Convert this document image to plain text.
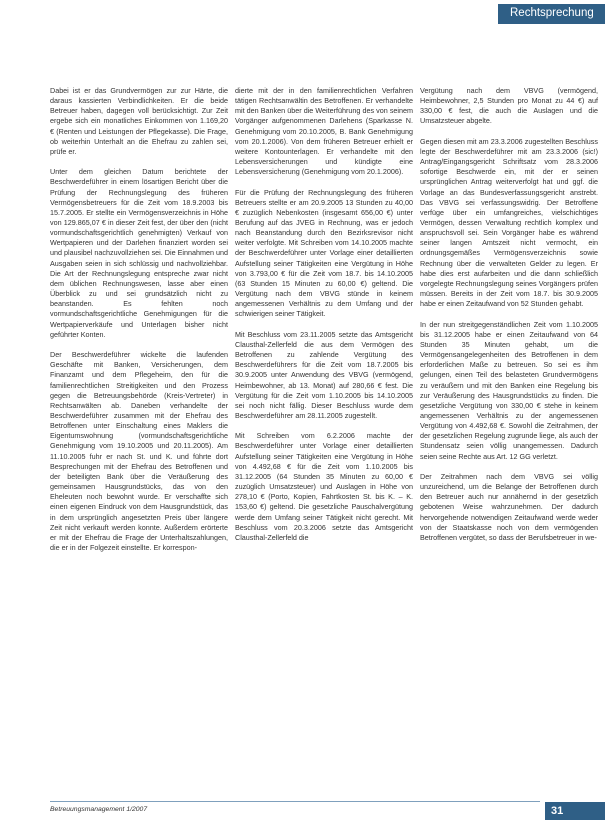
Rechtsprechung

Dabei ist er das Grundvermögen zur zur Härte, die daraus kassierten Verbindlichkeiten. Er die beide Betreuer haben, dagegen voll berücksichtigt. Zur Zeit ergebe sich ein monatliches Einkommen von 1.169,20 € (Renten und Leistungen der Pflegekasse). Die Frage, ob weiterhin Unterhalt an die Ehefrau zu zahlen sei, prüfe er.

Unter dem gleichen Datum berichtete der Beschwerdeführer in einem lösartigen Bericht über die Prüfung der Rechnungslegung des früheren Vermögensbetreuers für die Zeit vom 18.9.2003 bis 15.7.2005. Er stellte ein Vermögensverzeichnis in Höhe von 129.865,07 € in dieser Zeit fest, der über den (nicht vormundschaftsgerichtlich genehmigten) Verkauf von Wertpapieren und der Darlehen finanziert worden sei und plausibel nachzuvollziehen sei. Die Einnahmen und Ausgaben seien in sich schlüssig und nachvollziehbar. Die Art der Rechnungslegung entspreche zwar nicht dem üblichen Rechnungswesen, lasse aber einen Überblick zu und sei grundsätzlich nicht zu beanstanden. Es fehlten noch vormundschaftsgerichtliche Genehmigungen für die Wertpapierverkäufe und Unterlagen bisher nicht geführter Konten.

Der Beschwerdeführer wickelte die laufenden Geschäfte mit Banken, Versicherungen, dem Finanzamt und dem Pflegeheim, den für die familienrechtlichen Streitigkeiten und den Prozess gegen die Betreuungsbehörde (Kreis-Vertreter) in Rechtsanwälten ab. Daneben verhandelte der Beschwerdeführer zusammen mit der Ehefrau des Betroffenen unter Einschaltung eines Maklers die Eigentumswohnung (vormundschaftsgerichtliche Genehmigung vom 19.10.2005 und 20.11.2005). Am 11.10.2005 fuhr er nach St. und K. und führte dort Besprechungen mit der Ehefrau des Betroffenen und der beteiligten Bank über die Veräußerung des gemeinsamen Hausgrundstücks, das von den Eheleuten noch bewohnt wurde. Er verschaffte sich einen eigenen Eindruck von dem Hausgrundstück, das in dem ursprünglich angesetzten Preis über längere Zeit nicht verkauft werden konnte. Außerdem erörterte er mit der Ehefrau die Frage der Unterhaltszahlungen, die er in der Folgezeit einstellte. Er korrespon-

dierte mit der in den familienrechtlichen Verfahren tätigen Rechtsanwältin des Betroffenen. Er verhandelte mit den Banken über die Weiterführung des von seinem Vorgänger aufgenommenen Darlehens (Sparkasse N. Genehmigung vom 20.10.2005, B. Bank Genehmigung vom 20.1.2006). Von dem früheren Betreuer erhielt er weitere Kontounterlagen. Er verhandelte mit den Lebensversicherungen und kündigte eine Lebensversicherung (Genehmigung vom 20.1.2006).

Für die Prüfung der Rechnungslegung des früheren Betreuers stellte er am 20.9.2005 13 Stunden zu 40,00 € zuzüglich Nebenkosten (insgesamt 656,00 €) unter Berufung auf das JVEG in Rechnung, was er jedoch nach Beanstandung durch den Bezirksrevisor nicht weiter verfolgte. Mit Schreiben vom 14.10.2005 machte der Beschwerdeführer unter Vorlage einer detaillierten Aufstellung seiner Tätigkeiten eine Vergütung in Höhe von 3.793,00 € für die Zeit vom 18.7. bis 14.10.2005 (63 Stunden 15 Minuten zu 60,00 €) geltend. Die Vergütung nach dem VBVG stünde in keinem angemessenen Verhältnis zu dem Umfang und der schwierigen seiner Tätigkeit.

Mit Beschluss vom 23.11.2005 setzte das Amtsgericht Clausthal-Zellerfeld die aus dem Vermögen des Betroffenen zu zahlende Vergütung des Beschwerdeführers für die Zeit vom 18.7.2005 bis 30.9.2005 unter Anwendung des VBVG (vermögend, Heimbewohner, ab 13. Monat) auf 280,66 € fest. Die Vergütung für die Zeit vom 1.10.2005 bis 14.10.2005 sei noch nicht fällig. Dieser Beschluss wurde dem Beschwerdeführer am 28.11.2005 zugestellt.

Mit Schreiben vom 6.2.2006 machte der Beschwerdeführer unter Vorlage einer detaillierten Aufstellung seiner Tätigkeiten eine Vergütung in Höhe von 4.492,68 € für die Zeit vom 1.10.2005 bis 31.12.2005 (64 Stunden 35 Minuten zu 60,00 € zuzüglich Umsatzsteuer) und Auslagen in Höhe von 278,10 € (Porto, Kopien, Fahrtkosten St. bis K. – K. 153,60 €) geltend. Die gesetzliche Pauschalvergütung werde dem Umfang seiner Tätigkeit nicht gerecht. Mit Beschluss vom 20.3.2006 setzte das Amtsgericht Clausthal-Zellerfeld die

Vergütung nach dem VBVG (vermögend, Heimbewohner, 2,5 Stunden pro Monat zu 44 €) auf 330,00 € fest, die auch die Auslagen und die Umsatzsteuer abgelte.

Gegen diesen mit am 23.3.2006 zugestellten Beschluss legte der Beschwerdeführer mit am 23.3.2006 (sic!) Antrag/Eingangsgericht Schriftsatz vom 28.3.2006 sofortige Beschwerde ein, mit der er seinen ursprünglichen Antrag weiterverfolgt hat und ggf. die Vorlage an das Bundesverfassungsgericht anstrebt. Das VBVG sei verfassungswidrig. Der Betroffene verfüge über ein umfangreiches, vielschichtiges Vermögen, dessen Verwaltung rechtlich komplex und anspruchsvoll sei. Sein Vorgänger habe es während seiner langen Amtszeit nicht vermocht, ein ordnungsgemäßes Vermögensverzeichnis sowie Rechnung über die verwalteten Gelder zu legen. Er habe dies erst aufarbeiten und die dann schließlich vorgelegte Rechnungslegung seines Vorgängers prüfen müssen. Bereits in der Zeit vom 18.7. bis 30.9.2005 habe er einen Zeitaufwand von 52 Stunden gehabt.

In der nun streitgegenständlichen Zeit vom 1.10.2005 bis 31.12.2005 habe er einen Zeitaufwand von 64 Stunden 35 Minuten gehabt, um die Vermögensangelegenheiten des Betroffenen in dem erforderlichen Maße zu betreuen. So sei es ihm gelungen, einen Teil des belasteten Grundvermögens zu veräußern und mit den Banken eine Regelung bis zur Veräußerung des Hausgrundstücks zu finden. Die gesetzliche Vergütung von 330,00 € stehe in keinem angemessenen Verhältnis zu der angemessenen Vergütung von 4.492,68 €. Sowohl die Zeitrahmen, der der gesetzlichen Regelung zugrunde liege, als auch der Stundensatz seien völlig unangemessen. Dadurch seien seine Rechte aus Art. 12 GG verletzt.

Der Zeitrahmen nach dem VBVG sei völlig unzureichend, um die Belange der Betroffenen durch den Betreuer auch nur annähernd in der gesetzlich gebotenen Weise wahrzunehmen. Der dadurch hervorgehende notwendigen Zeitaufwand werde weder von der Staatskasse noch von dem vermögenden Betroffenen vergütet, so dass der Berufsbetreuer in we-

Betreuungsmanagement 1/2007	31
